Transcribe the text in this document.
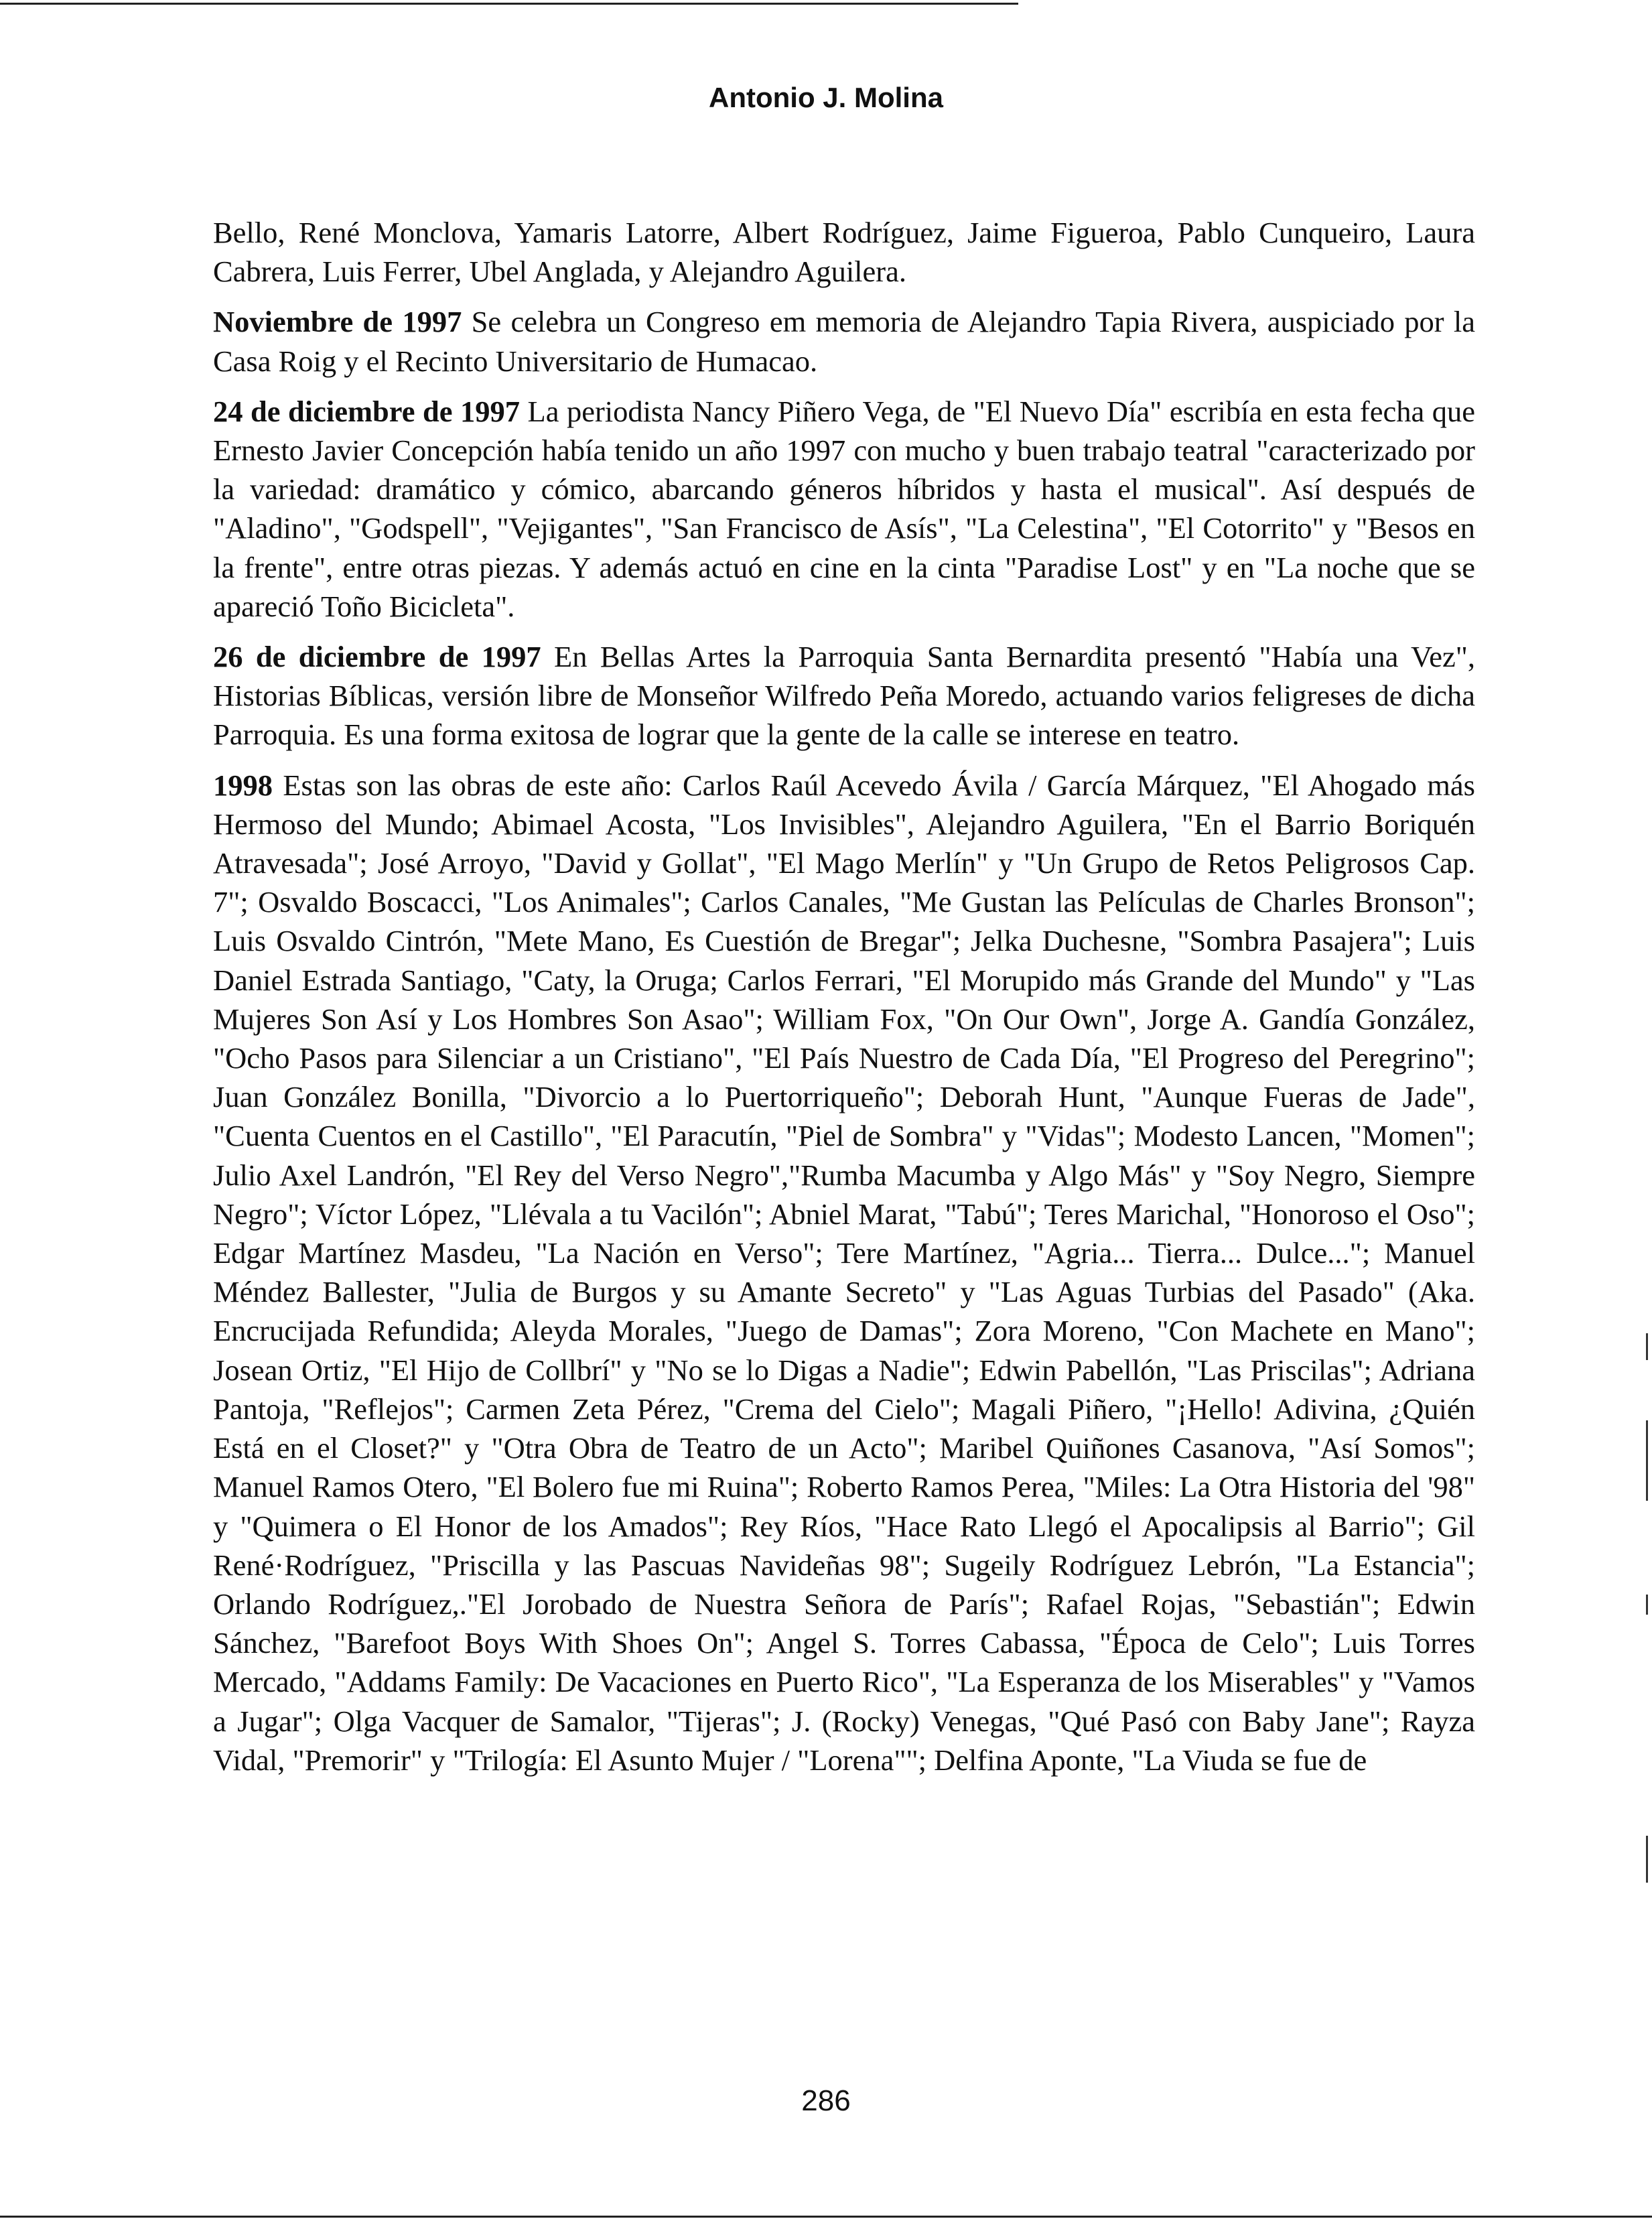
Antonio J. Molina

Bello, René Monclova, Yamaris Latorre, Albert Rodríguez, Jaime Figueroa, Pablo Cunqueiro, Laura Cabrera, Luis Ferrer, Ubel Anglada, y Alejandro Aguilera.

Noviembre de 1997 Se celebra un Congreso em memoria de Alejandro Tapia Rivera, auspiciado por la Casa Roig y el Recinto Universitario de Humacao.

24 de diciembre de 1997 La periodista Nancy Piñero Vega, de "El Nuevo Día" escribía en esta fecha que Ernesto Javier Concepción había tenido un año 1997 con mucho y buen trabajo teatral "caracterizado por la variedad: dramático y cómico, abarcando géneros híbridos y hasta el musical". Así después de "Aladino", "Godspell", "Vejigantes", "San Francisco de Asís", "La Celestina", "El Cotorrito" y "Besos en la frente", entre otras piezas. Y además actuó en cine en la cinta "Paradise Lost" y en "La noche que se apareció Toño Bicicleta".

26 de diciembre de 1997 En Bellas Artes la Parroquia Santa Bernardita presentó "Había una Vez", Historias Bíblicas, versión libre de Monseñor Wilfredo Peña Moredo, actuando varios feligreses de dicha Parroquia. Es una forma exitosa de lograr que la gente de la calle se interese en teatro.

1998 Estas son las obras de este año: Carlos Raúl Acevedo Ávila / García Márquez, "El Ahogado más Hermoso del Mundo; Abimael Acosta, "Los Invisibles", Alejandro Aguilera, "En el Barrio Boriquén Atravesada"; José Arroyo, "David y Gollat", "El Mago Merlín" y "Un Grupo de Retos Peligrosos Cap. 7"; Osvaldo Boscacci, "Los Animales"; Carlos Canales, "Me Gustan las Películas de Charles Bronson"; Luis Osvaldo Cintrón, "Mete Mano, Es Cuestión de Bregar"; Jelka Duchesne, "Sombra Pasajera"; Luis Daniel Estrada Santiago, "Caty, la Oruga; Carlos Ferrari, "El Morupido más Grande del Mundo" y "Las Mujeres Son Así y Los Hombres Son Asao"; William Fox, "On Our Own", Jorge A. Gandía González, "Ocho Pasos para Silenciar a un Cristiano", "El País Nuestro de Cada Día, "El Progreso del Peregrino"; Juan González Bonilla, "Divorcio a lo Puertorriqueño"; Deborah Hunt, "Aunque Fueras de Jade", "Cuenta Cuentos en el Castillo", "El Paracutín, "Piel de Sombra" y "Vidas"; Modesto Lancen, "Momen"; Julio Axel Landrón, "El Rey del Verso Negro","Rumba Macumba y Algo Más" y "Soy Negro, Siempre Negro"; Víctor López, "Llévala a tu Vacilón"; Abniel Marat, "Tabú"; Teres Marichal, "Honoroso el Oso"; Edgar Martínez Masdeu, "La Nación en Verso"; Tere Martínez, "Agria... Tierra... Dulce..."; Manuel Méndez Ballester, "Julia de Burgos y su Amante Secreto" y "Las Aguas Turbias del Pasado" (Aka. Encrucijada Refundida; Aleyda Morales, "Juego de Damas"; Zora Moreno, "Con Machete en Mano"; Josean Ortiz, "El Hijo de Collbrí" y "No se lo Digas a Nadie"; Edwin Pabellón, "Las Priscilas"; Adriana Pantoja, "Reflejos"; Carmen Zeta Pérez, "Crema del Cielo"; Magali Piñero, "¡Hello! Adivina, ¿Quién Está en el Closet?" y "Otra Obra de Teatro de un Acto"; Maribel Quiñones Casanova, "Así Somos"; Manuel Ramos Otero, "El Bolero fue mi Ruina"; Roberto Ramos Perea, "Miles: La Otra Historia del '98" y "Quimera o El Honor de los Amados"; Rey Ríos, "Hace Rato Llegó el Apocalipsis al Barrio"; Gil René·Rodríguez, "Priscilla y las Pascuas Navideñas 98"; Sugeily Rodríguez Lebrón, "La Estancia"; Orlando Rodríguez,."El Jorobado de Nuestra Señora de París"; Rafael Rojas, "Sebastián"; Edwin Sánchez, "Barefoot Boys With Shoes On"; Angel S. Torres Cabassa, "Época de Celo"; Luis Torres Mercado, "Addams Family: De Vacaciones en Puerto Rico", "La Esperanza de los Miserables" y "Vamos a Jugar"; Olga Vacquer de Samalor, "Tijeras"; J. (Rocky) Venegas, "Qué Pasó con Baby Jane"; Rayza Vidal, "Premorir" y "Trilogía: El Asunto Mujer / "Lorena""; Delfina Aponte, "La Viuda se fue de

286
